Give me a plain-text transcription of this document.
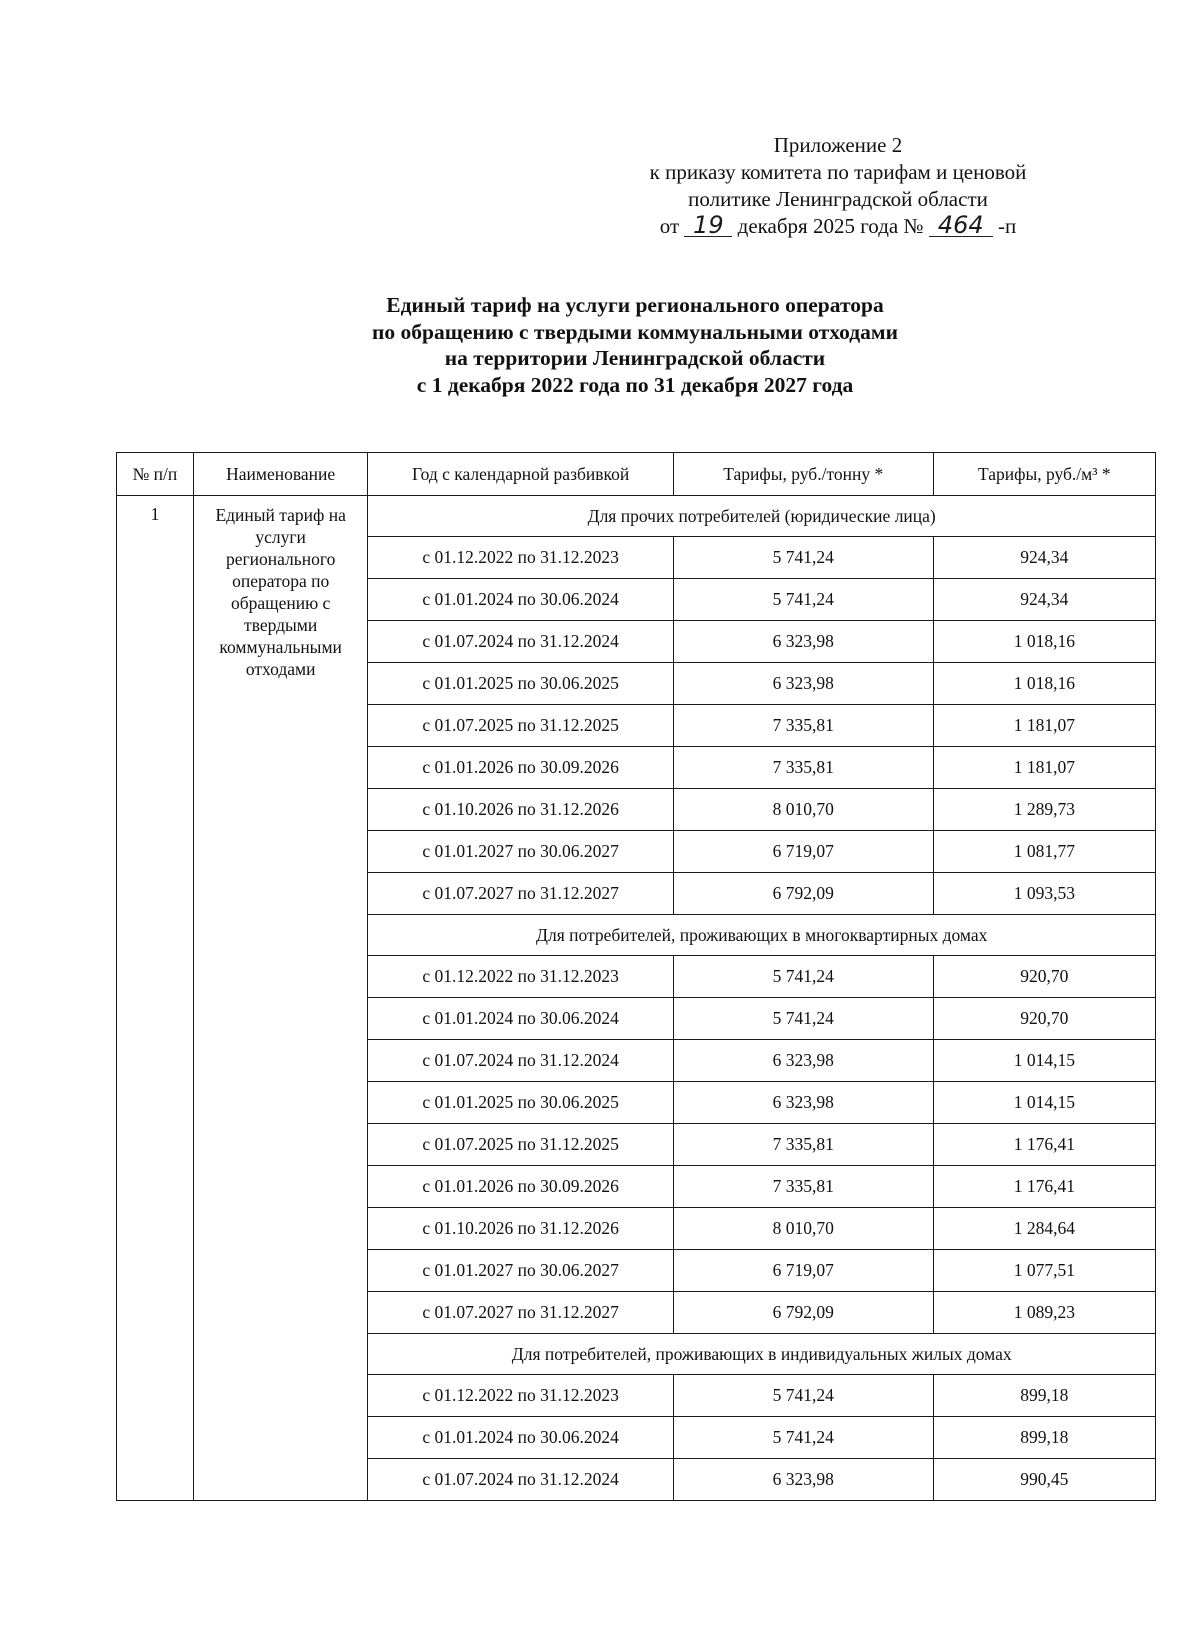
Приложение 2
к приказу комитета по тарифам и ценовой
политике Ленинградской области
от 19 декабря 2025 года № 464 -п
Единый тариф на услуги регионального оператора
по обращению с твердыми коммунальными отходами
на территории Ленинградской области
с 1 декабря 2022 года по 31 декабря 2027 года
№ п/п	Наименование	Год с календарной разбивкой	Тарифы, руб./тонну *	Тарифы, руб./м³ *
1	Единый тариф на услуги регионального оператора по обращению с твердыми коммунальными отходами	Для прочих потребителей (юридические лица)		
		с 01.12.2022 по 31.12.2023	5 741,24	924,34
		с 01.01.2024 по 30.06.2024	5 741,24	924,34
		с 01.07.2024 по 31.12.2024	6 323,98	1 018,16
		с 01.01.2025 по 30.06.2025	6 323,98	1 018,16
		с 01.07.2025 по 31.12.2025	7 335,81	1 181,07
		с 01.01.2026 по 30.09.2026	7 335,81	1 181,07
		с 01.10.2026 по 31.12.2026	8 010,70	1 289,73
		с 01.01.2027 по 30.06.2027	6 719,07	1 081,77
		с 01.07.2027 по 31.12.2027	6 792,09	1 093,53
		Для потребителей, проживающих в многоквартирных домах		
		с 01.12.2022 по 31.12.2023	5 741,24	920,70
		с 01.01.2024 по 30.06.2024	5 741,24	920,70
		с 01.07.2024 по 31.12.2024	6 323,98	1 014,15
		с 01.01.2025 по 30.06.2025	6 323,98	1 014,15
		с 01.07.2025 по 31.12.2025	7 335,81	1 176,41
		с 01.01.2026 по 30.09.2026	7 335,81	1 176,41
		с 01.10.2026 по 31.12.2026	8 010,70	1 284,64
		с 01.01.2027 по 30.06.2027	6 719,07	1 077,51
		с 01.07.2027 по 31.12.2027	6 792,09	1 089,23
		Для потребителей, проживающих в индивидуальных жилых домах		
		с 01.12.2022 по 31.12.2023	5 741,24	899,18
		с 01.01.2024 по 30.06.2024	5 741,24	899,18
		с 01.07.2024 по 31.12.2024	6 323,98	990,45
